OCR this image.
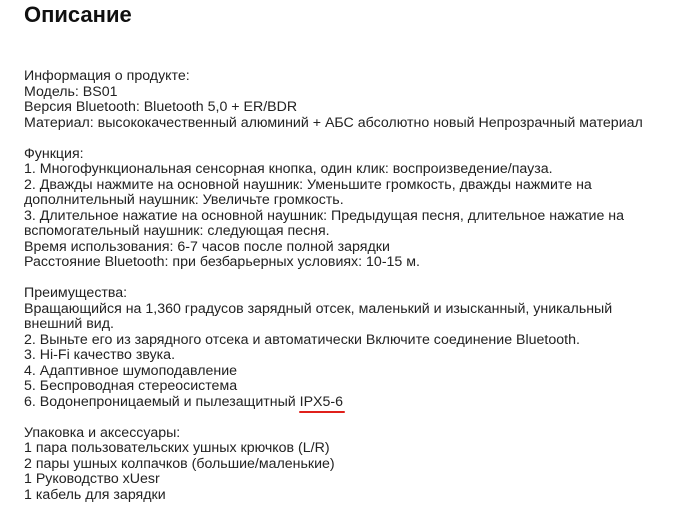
Описание
Информация о продукте:
Модель: BS01
Версия Bluetooth: Bluetooth 5,0 + ER/BDR
Материал: высококачественный алюминий + АБС абсолютно новый Непрозрачный материал
Функция:
1. Многофункциональная сенсорная кнопка, один клик: воспроизведение/пауза.
2. Дважды нажмите на основной наушник: Уменьшите громкость, дважды нажмите на дополнительный наушник: Увеличьте громкость.
3. Длительное нажатие на основной наушник: Предыдущая песня, длительное нажатие на вспомогательный наушник: следующая песня.
Время использования: 6-7 часов после полной зарядки
Расстояние Bluetooth: при безбарьерных условиях: 10-15 м.
Преимущества:
Вращающийся на 1,360 градусов зарядный отсек, маленький и изысканный, уникальный внешний вид.
2. Выньте его из зарядного отсека и автоматически Включите соединение Bluetooth.
3. Hi-Fi качество звука.
4. Адаптивное шумоподавление
5. Беспроводная стереосистема
6. Водонепроницаемый и пылезащитный IPX5-6
Упаковка и аксессуары:
1 пара пользовательских ушных крючков (L/R)
2 пары ушных колпачков (большие/маленькие)
1 Руководство xUesr
1 кабель для зарядки
